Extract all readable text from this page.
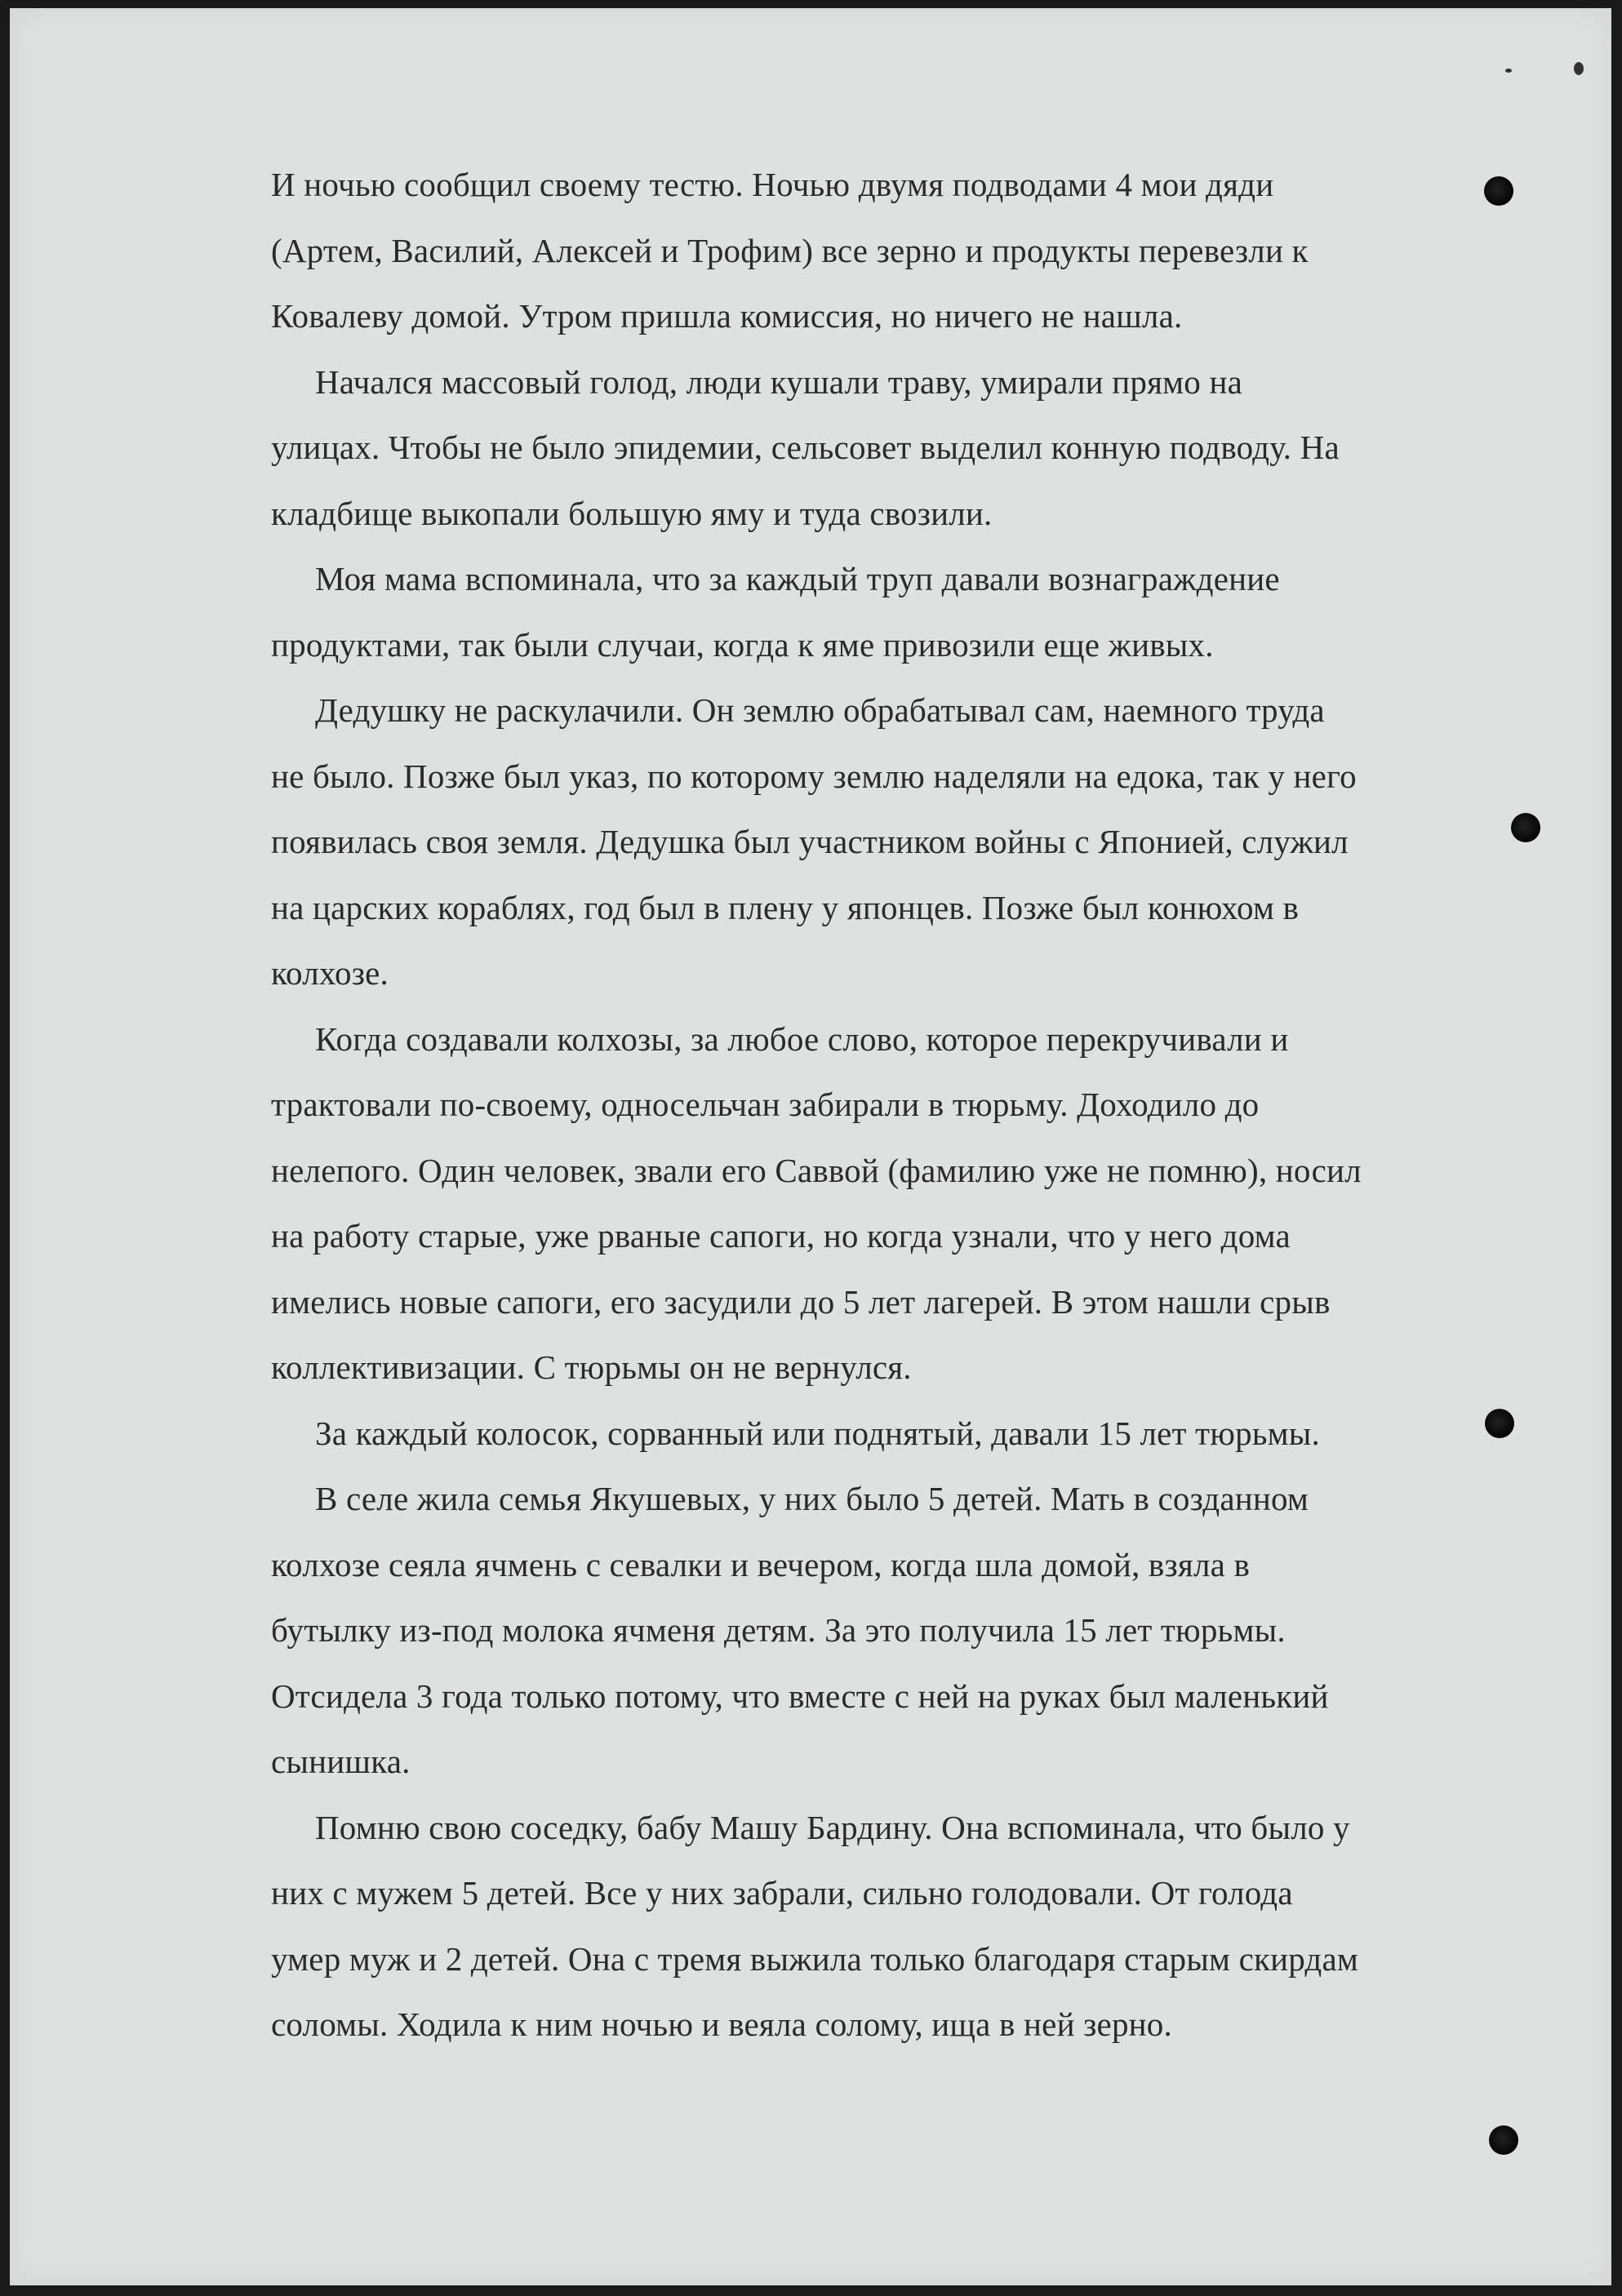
И ночью сообщил своему тестю. Ночью двумя подводами 4 мои дяди
(Артем, Василий, Алексей и Трофим) все зерно и продукты перевезли к
Ковалеву домой. Утром пришла комиссия, но ничего не нашла.
Начался массовый голод, люди кушали траву, умирали прямо на
улицах. Чтобы не было эпидемии, сельсовет выделил конную подводу. На
кладбище выкопали большую яму и туда свозили.
Моя мама вспоминала, что за каждый труп давали вознаграждение
продуктами, так были случаи, когда к яме привозили еще живых.
Дедушку не раскулачили. Он землю обрабатывал сам, наемного труда
не было. Позже был указ, по которому землю наделяли на едока, так у него
появилась своя земля. Дедушка был участником войны с Японией, служил
на царских кораблях, год был в плену у японцев. Позже был конюхом в
колхозе.
Когда создавали колхозы, за любое слово, которое перекручивали и
трактовали по-своему, односельчан забирали в тюрьму. Доходило до
нелепого. Один человек, звали его Саввой (фамилию уже не помню), носил
на работу старые, уже рваные сапоги, но когда узнали, что у него дома
имелись новые сапоги, его засудили до 5 лет лагерей. В этом нашли срыв
коллективизации. С тюрьмы он не вернулся.
За каждый колосок, сорванный или поднятый, давали 15 лет тюрьмы.
В селе жила семья Якушевых, у них было 5 детей. Мать в созданном
колхозе сеяла ячмень с севалки и вечером, когда шла домой, взяла в
бутылку из-под молока ячменя детям. За это получила 15 лет тюрьмы.
Отсидела 3 года только потому, что вместе с ней на руках был маленький
сынишка.
Помню свою соседку, бабу Машу Бардину. Она вспоминала, что было у
них с мужем 5 детей. Все у них забрали, сильно голодовали. От голода
умер муж и 2 детей. Она с тремя выжила только благодаря старым скирдам
соломы. Ходила к ним ночью и веяла солому, ища в ней зерно.
